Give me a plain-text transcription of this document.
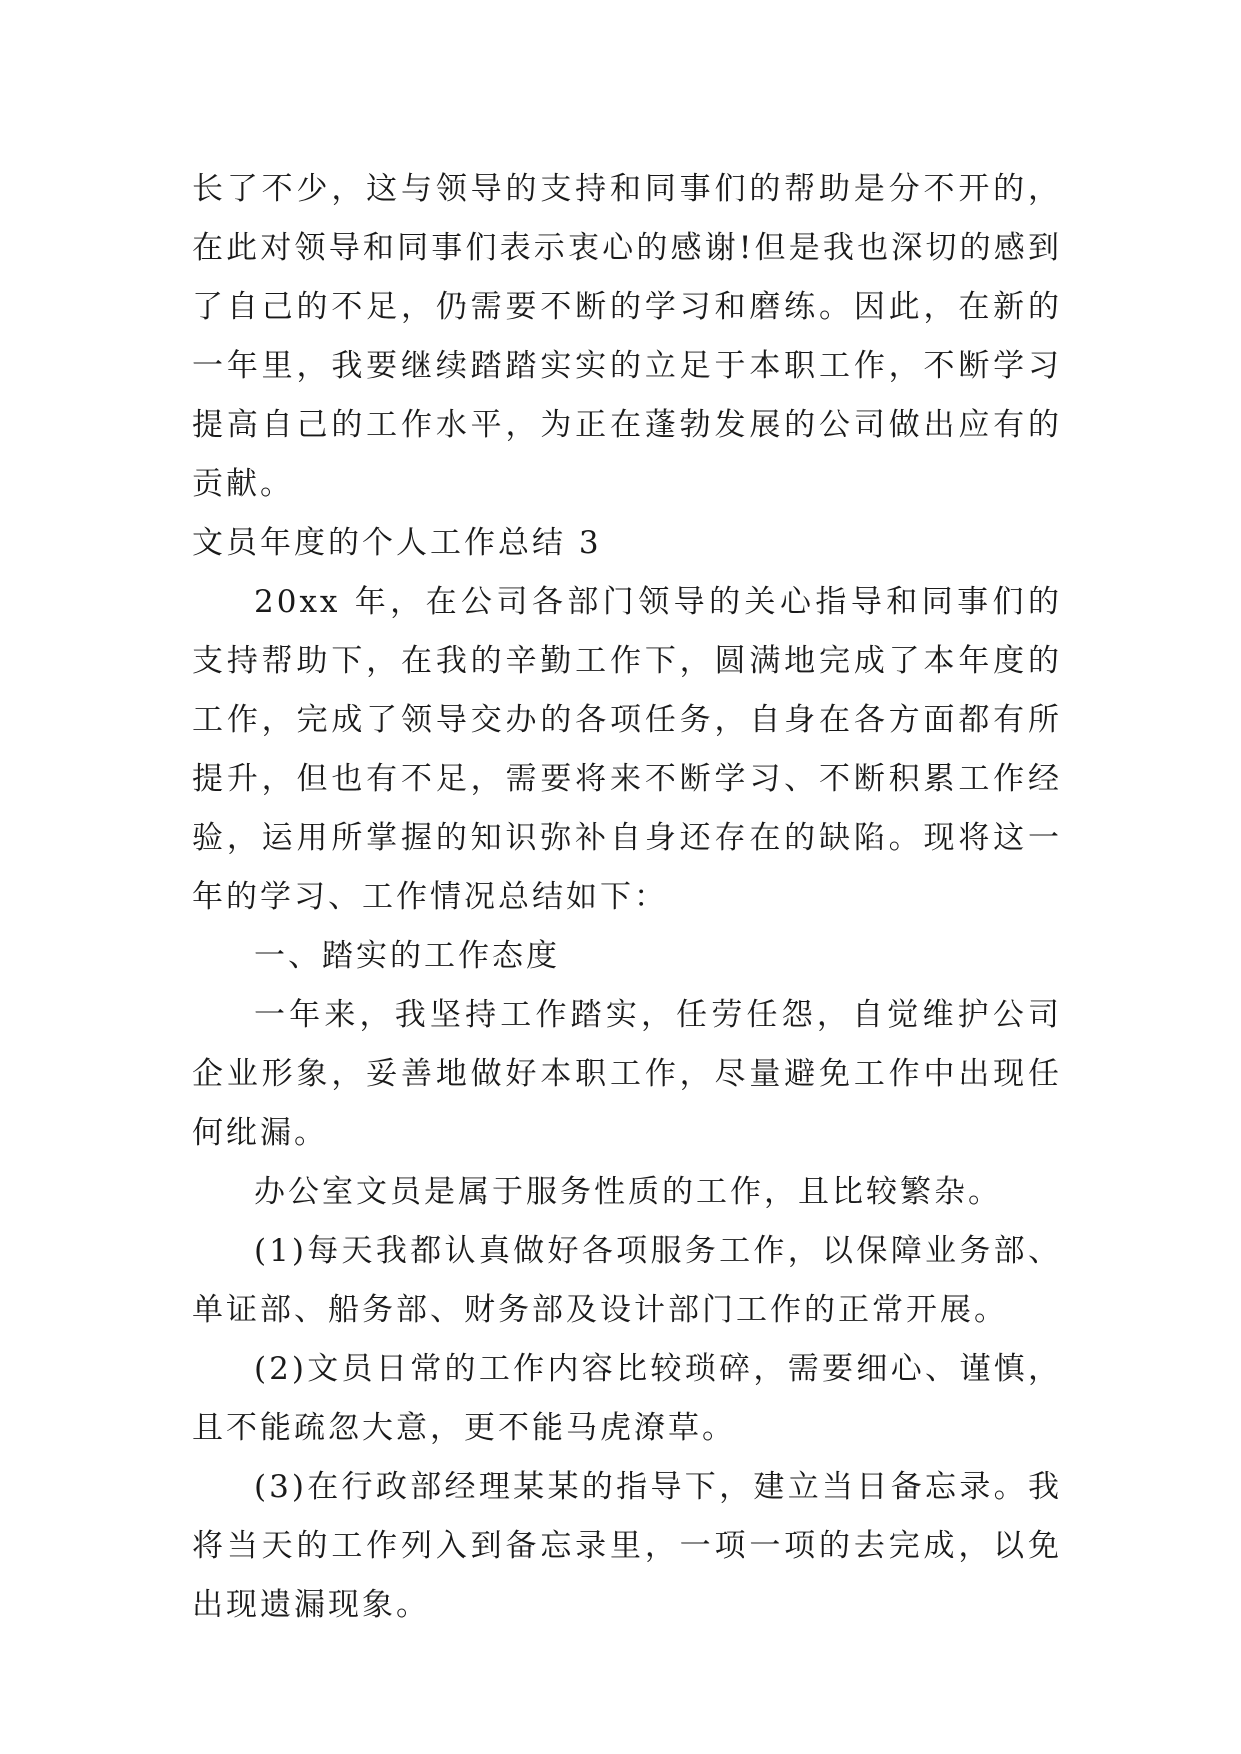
长了不少，这与领导的支持和同事们的帮助是分不开的，在此对领导和同事们表示衷心的感谢!但是我也深切的感到了自己的不足，仍需要不断的学习和磨练。因此，在新的一年里，我要继续踏踏实实的立足于本职工作，不断学习提高自己的工作水平，为正在蓬勃发展的公司做出应有的贡献。

文员年度的个人工作总结 3

20xx 年，在公司各部门领导的关心指导和同事们的支持帮助下，在我的辛勤工作下，圆满地完成了本年度的工作，完成了领导交办的各项任务，自身在各方面都有所提升，但也有不足，需要将来不断学习、不断积累工作经验，运用所掌握的知识弥补自身还存在的缺陷。现将这一年的学习、工作情况总结如下：

一、踏实的工作态度

一年来，我坚持工作踏实，任劳任怨，自觉维护公司企业形象，妥善地做好本职工作，尽量避免工作中出现任何纰漏。

办公室文员是属于服务性质的工作，且比较繁杂。

(1)每天我都认真做好各项服务工作，以保障业务部、单证部、船务部、财务部及设计部门工作的正常开展。

(2)文员日常的工作内容比较琐碎，需要细心、谨慎，且不能疏忽大意，更不能马虎潦草。

(3)在行政部经理某某的指导下，建立当日备忘录。我将当天的工作列入到备忘录里，一项一项的去完成，以免出现遗漏现象。
